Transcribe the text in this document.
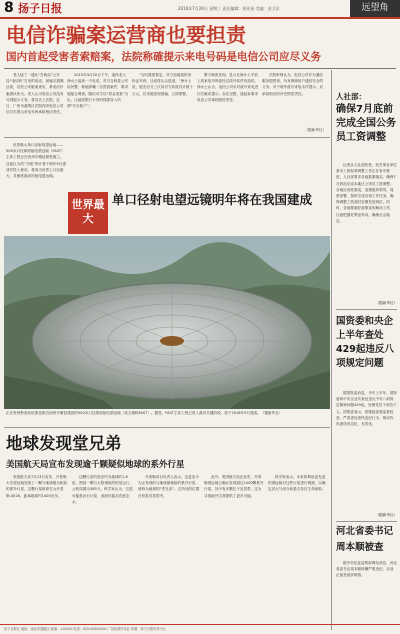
8 扬子日报	2016年7月20日 星期三 责任编辑：胡亚星 美编：金卫东	远望角
电信诈骗案运营商也要担责
国内首起受害者索赔案，法院称確提示来电号码是电信公司应尽义务

老人接了一通从“吾威局”公安局“电话转”打来的电话，被骗走数额巨款，后经公安破案查实，系电信诈骗团伙所为。老人认为电信公司没有尽到提示义务，将其告上法院。近日，广州市番禺区法院判决电信公司应对未提示来电号码承担相应责任。

2015年3月20日下午，退休老人徐女士接到一个电话，对方自称是公安局民警，称她涉嫌一宗洗钱案件，要求她配合调查。随后对方以“资金清查”为由，让她将银行卡内的钱款转入所谓“安全账户”。

“当时我很着急，对方知道我的身份证号码，还说得头头是道。”徐女士说，她先后分三次向对方转账共计数十万元。后来她发现被骗，立即报警。

警方调查发现，显示在徐女士手机上的来电号码是经过改号软件伪造的。徐女士认为，电信公司未对改号来电进行拦截或提示，存在过错，遂起诉要求电信公司承担赔偿责任。

法院审理认为，电信公司作为通信服务提供者，负有保障用户通信安全的义务。对于境外改号来电未作提示，应承担相应的补充赔偿责任。

（据新华社）
人社部：
确保7月底前完成全国公务员工资调整

记者从人社部获悉，机关事业单位基本工资标准调整工作正在有序推进，人社部要求各地抓紧落实，确保7月底前完成本地区公务员工资调整，各地应高度重视，加强组织领导，周密部署，按时完成各项工作任务，确保调整工资及时足额发放到位。同时，各地要做好政策宣传解读工作，注意把握好舆论导向，确保社会稳定。

（据新华社）
国资委和央企上半年查处429起违反八项规定问题

据国资委消息，今年上半年，国资委和中央企业共查处违反中央八项规定精神问题429起，处理党员干部若干人。国资委表示，将继续加强监督检查，严肃查处顶风违纪行为，推动作风建设常态化、长效化。

（据新华社）
河北省委书记周本顺被查

据中央纪委监察部网站消息，河北省委书记周本顺涉嫌严重违纪，目前正接受组织调查。

世界最大单口径射电望远镜——500米口径球面射电望远镜（FAST）主体工程正在贵州平塘县紧张施工。这座巨大的“天眼”预计将于明年9月建成并投入使用，将成为世界上口径最大、灵敏度最高的射电望远镜。

世界最大
单口径射电望远镜明年将在我国建成

正在贵州黔南布依族苗族自治州平塘县建设的500米口径球面射电望远镜（英文简称FAST）。据悉，FAST主体工程已进入最后关键阶段，将于2016年9月建成。（据新华社）

地球发现堂兄弟
美国航天局宣布发现逾千颗疑似地球的系外行星

美国航天局7月23日宣布，开普勒太空望远镜发现了一颗与地球极为相似的系外行星，这颗行星被命名为开普勒-452b，距离地球约1400光年。

这颗行星的直径约为地球的1.6倍，围绕一颗与太阳相似的恒星运行，公转周期为385天。科学家认为，它很可能是岩石行星，表面可能存在液态水。

开普勒项目负责人表示，这是迄今为止发现的与地球最相似的系外行星，被称为地球的“堂兄弟”。它所处的位置在恒星宜居带内。

此外，美国航天局还宣布，开普勒望远镜已确认发现超过1000颗系外行星，其中有多颗位于宜居带，这为寻找地外生命提供了更多可能。

科学家表示，未来将利用更先进的望远镜对这些行星进行观测，以确定其大气成分和是否存在生命迹象。

扬子日报社 地址：南京市建邺区 邮编：210000 电话：025-00000000 广告经营许可证 印刷：扬子日报印务中心
